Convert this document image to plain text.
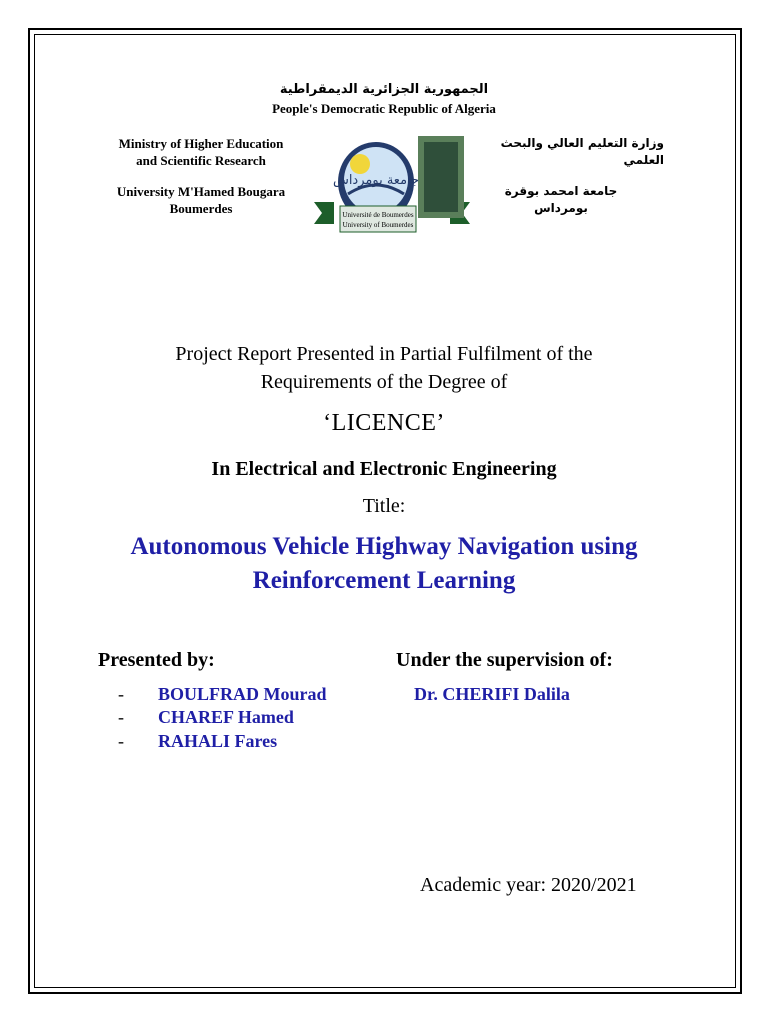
الجمهورية الجزائرية الديمقراطية
People's Democratic Republic of Algeria
Ministry of Higher Education
and Scientific Research
University M'Hamed Bougara
Boumerdes
وزارة التعليم العالي والبحث العلمي
جامعة امحمد بوقرة
بومرداس
جامعة بومرداس
Université de Boumerdes
University of Boumerdes
Project Report Presented in Partial Fulfilment of the
Requirements of the Degree of
‘LICENCE’
In Electrical and Electronic Engineering
Title:
Autonomous Vehicle Highway Navigation using
Reinforcement Learning
Presented by:	Under the supervision of:
- BOULFRAD Mourad
- CHAREF Hamed
- RAHALI Fares
Dr. CHERIFI Dalila
Academic year: 2020/2021
